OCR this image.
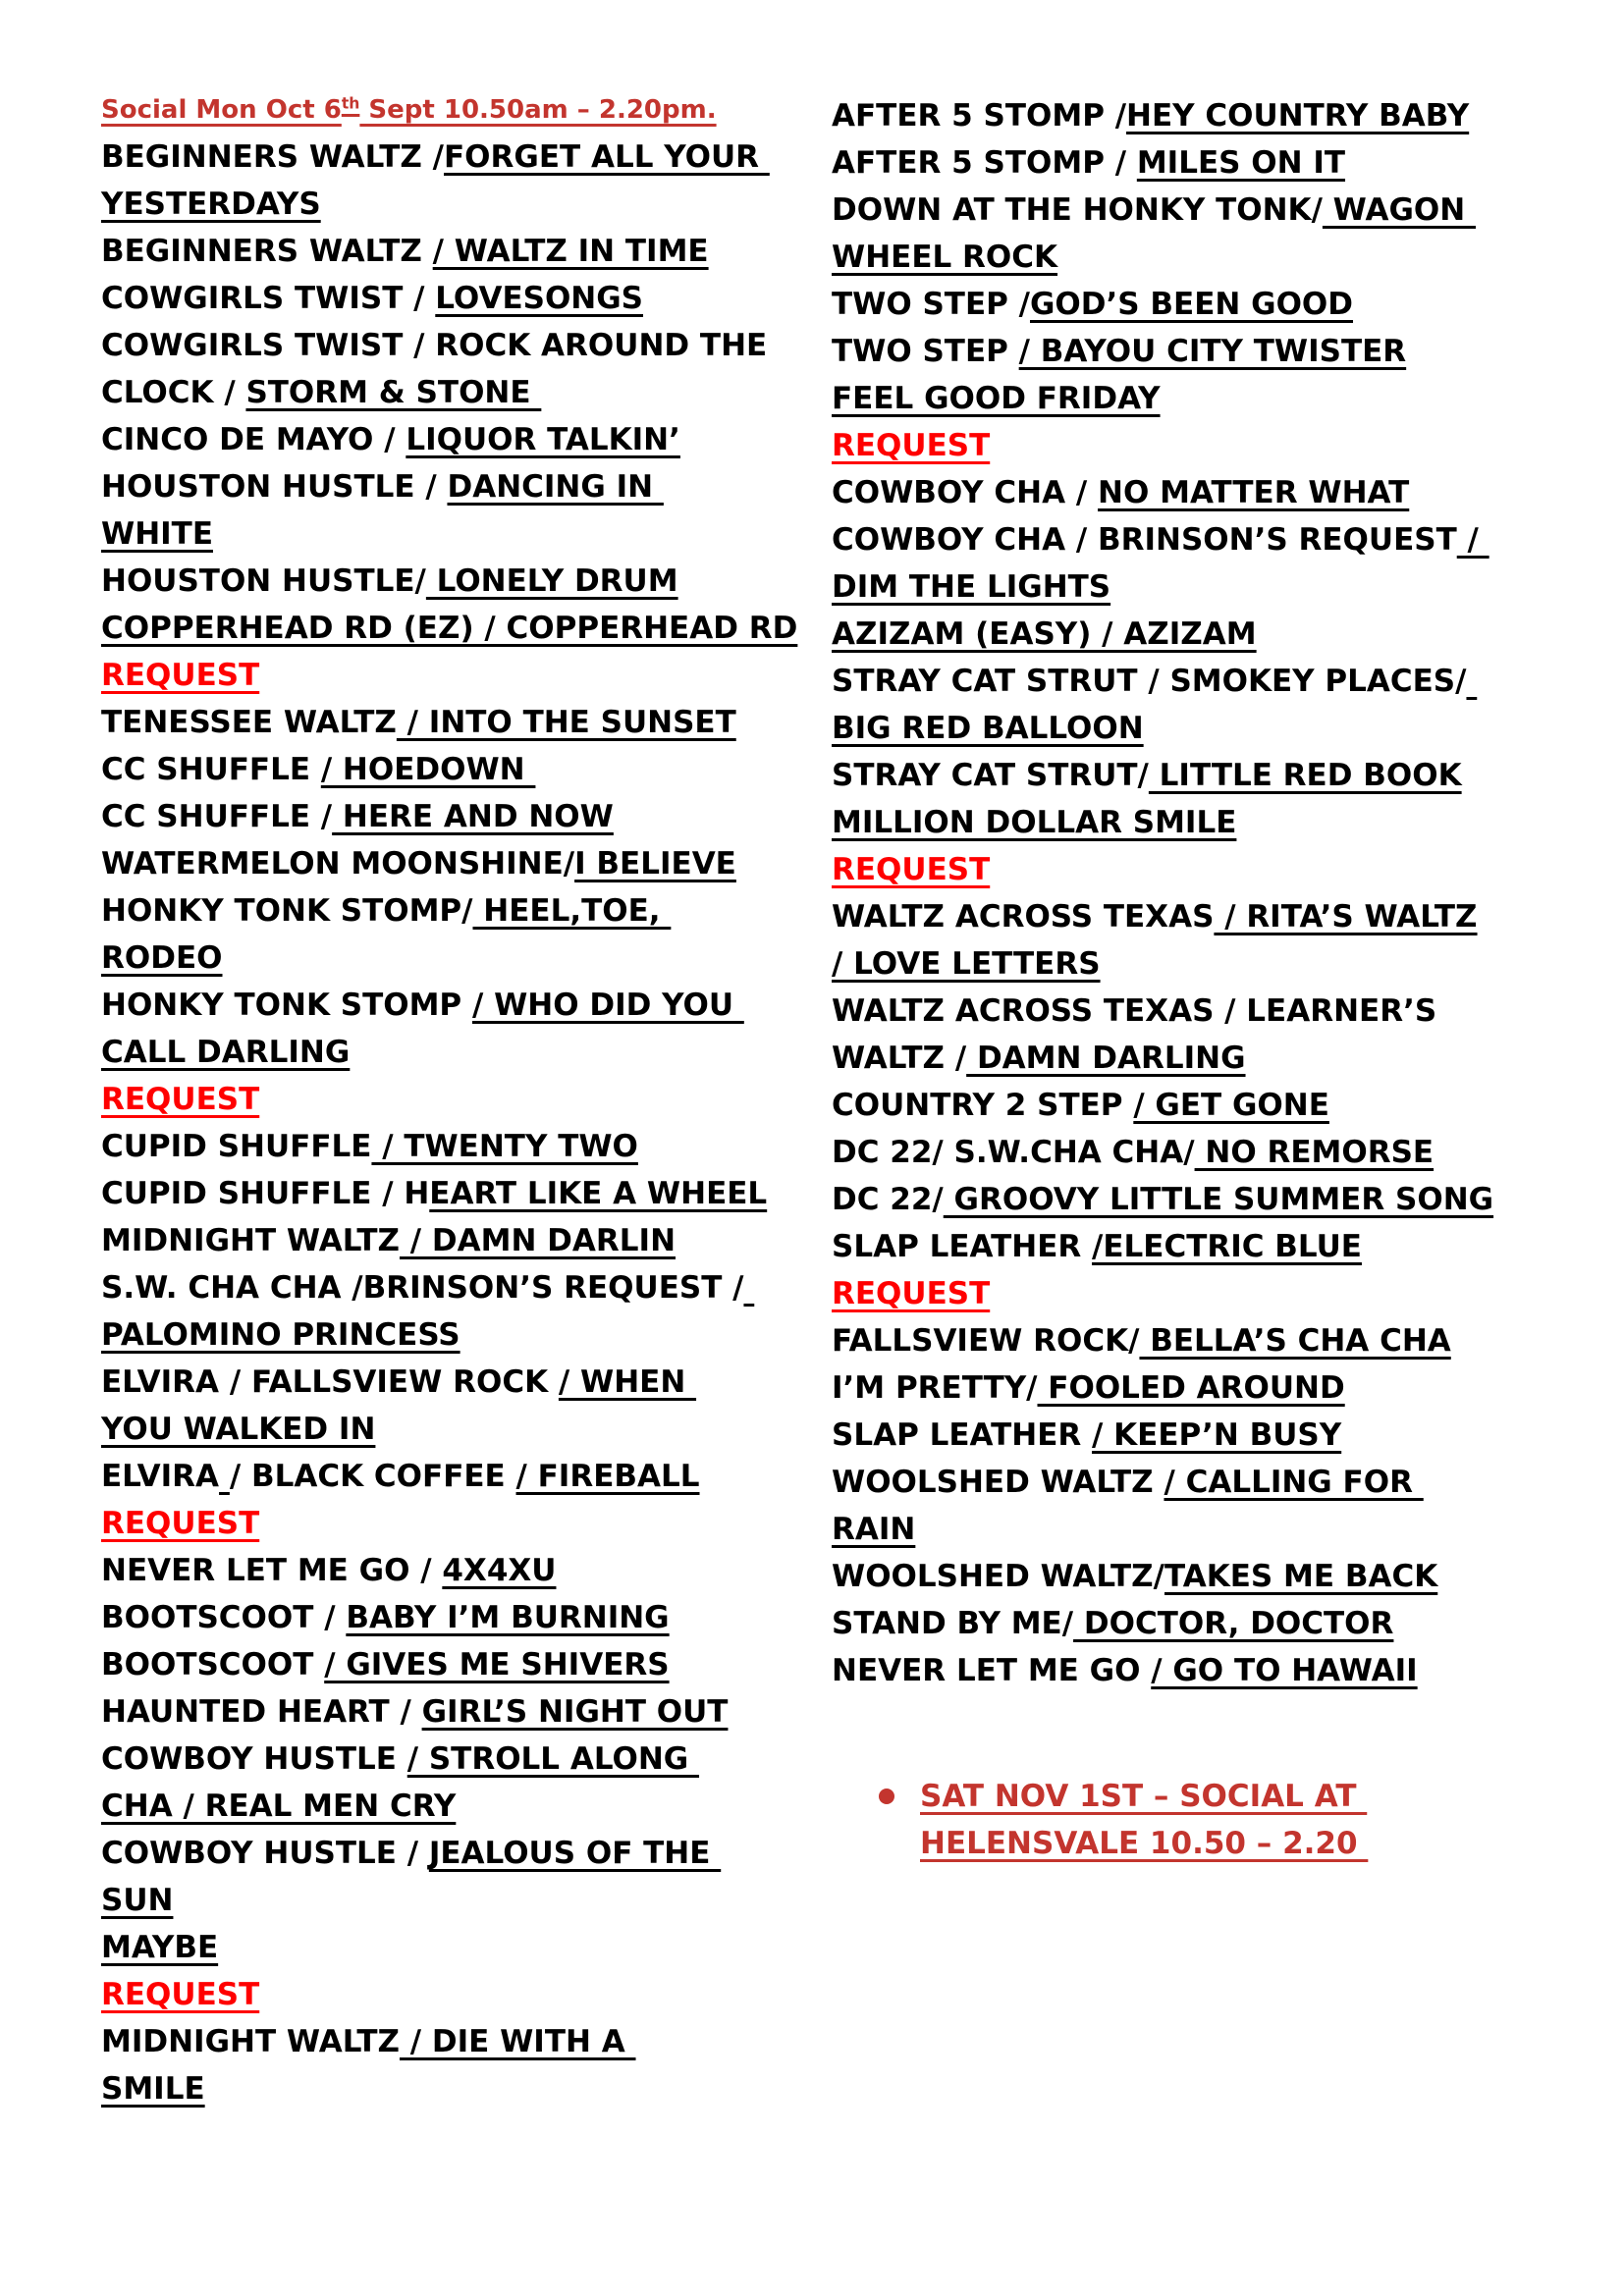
Social Mon Oct 6th Sept 10.50am – 2.20pm.
BEGINNERS WALTZ /FORGET ALL YOUR
YESTERDAYS
BEGINNERS WALTZ / WALTZ IN TIME
COWGIRLS TWIST / LOVESONGS
COWGIRLS TWIST / ROCK AROUND THE
CLOCK / STORM & STONE
CINCO DE MAYO / LIQUOR TALKIN’
HOUSTON HUSTLE / DANCING IN
WHITE
HOUSTON HUSTLE/ LONELY DRUM
COPPERHEAD RD (EZ) / COPPERHEAD RD
REQUEST
TENESSEE WALTZ / INTO THE SUNSET
CC SHUFFLE / HOEDOWN
CC SHUFFLE / HERE AND NOW
WATERMELON MOONSHINE/I BELIEVE
HONKY TONK STOMP/ HEEL,TOE,
RODEO
HONKY TONK STOMP / WHO DID YOU
CALL DARLING
REQUEST
CUPID SHUFFLE / TWENTY TWO
CUPID SHUFFLE / HEART LIKE A WHEEL
MIDNIGHT WALTZ / DAMN DARLIN
S.W. CHA CHA /BRINSON’S REQUEST /
PALOMINO PRINCESS
ELVIRA / FALLSVIEW ROCK / WHEN
YOU WALKED IN
ELVIRA / BLACK COFFEE / FIREBALL
REQUEST
NEVER LET ME GO / 4X4XU
BOOTSCOOT / BABY I’M BURNING
BOOTSCOOT / GIVES ME SHIVERS
HAUNTED HEART / GIRL’S NIGHT OUT
COWBOY HUSTLE / STROLL ALONG
CHA / REAL MEN CRY
COWBOY HUSTLE / JEALOUS OF THE
SUN
MAYBE
REQUEST
MIDNIGHT WALTZ / DIE WITH A
SMILE
AFTER 5 STOMP /HEY COUNTRY BABY
AFTER 5 STOMP / MILES ON IT
DOWN AT THE HONKY TONK/ WAGON
WHEEL ROCK
TWO STEP /GOD’S BEEN GOOD
TWO STEP / BAYOU CITY TWISTER
FEEL GOOD FRIDAY
REQUEST
COWBOY CHA / NO MATTER WHAT
COWBOY CHA / BRINSON’S REQUEST /
DIM THE LIGHTS
AZIZAM (EASY) / AZIZAM
STRAY CAT STRUT / SMOKEY PLACES/
BIG RED BALLOON
STRAY CAT STRUT/ LITTLE RED BOOK
MILLION DOLLAR SMILE
REQUEST
WALTZ ACROSS TEXAS / RITA’S WALTZ
/ LOVE LETTERS
WALTZ ACROSS TEXAS / LEARNER’S
WALTZ / DAMN DARLING
COUNTRY 2 STEP / GET GONE
DC 22/ S.W.CHA CHA/ NO REMORSE
DC 22/ GROOVY LITTLE SUMMER SONG
SLAP LEATHER /ELECTRIC BLUE
REQUEST
FALLSVIEW ROCK/ BELLA’S CHA CHA
I’M PRETTY/ FOOLED AROUND
SLAP LEATHER / KEEP’N BUSY
WOOLSHED WALTZ / CALLING FOR
RAIN
WOOLSHED WALTZ/TAKES ME BACK
STAND BY ME/ DOCTOR, DOCTOR
NEVER LET ME GO / GO TO HAWAII
SAT NOV 1ST – SOCIAL AT
HELENSVALE 10.50 – 2.20
